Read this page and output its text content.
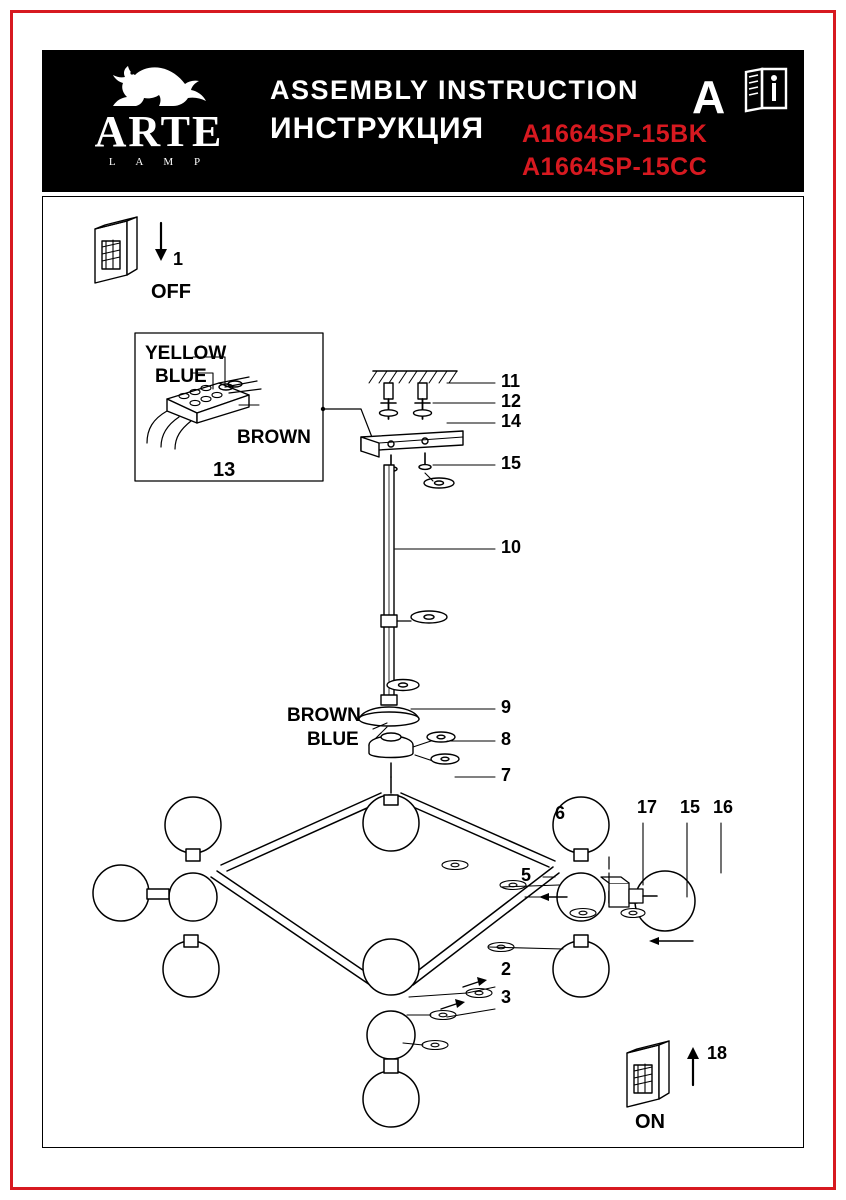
ARTE
L A M P
ASSEMBLY INSTRUCTION
ИНСТРУКЦИЯ A1664SP-15BK
A1664SP-15CC
A
1
OFF
YELLOW
BLUE
BROWN
13
11
12
14
15
10
9
8
7
6
5
2
3
17 15 16
BROWN
BLUE
18
ON
